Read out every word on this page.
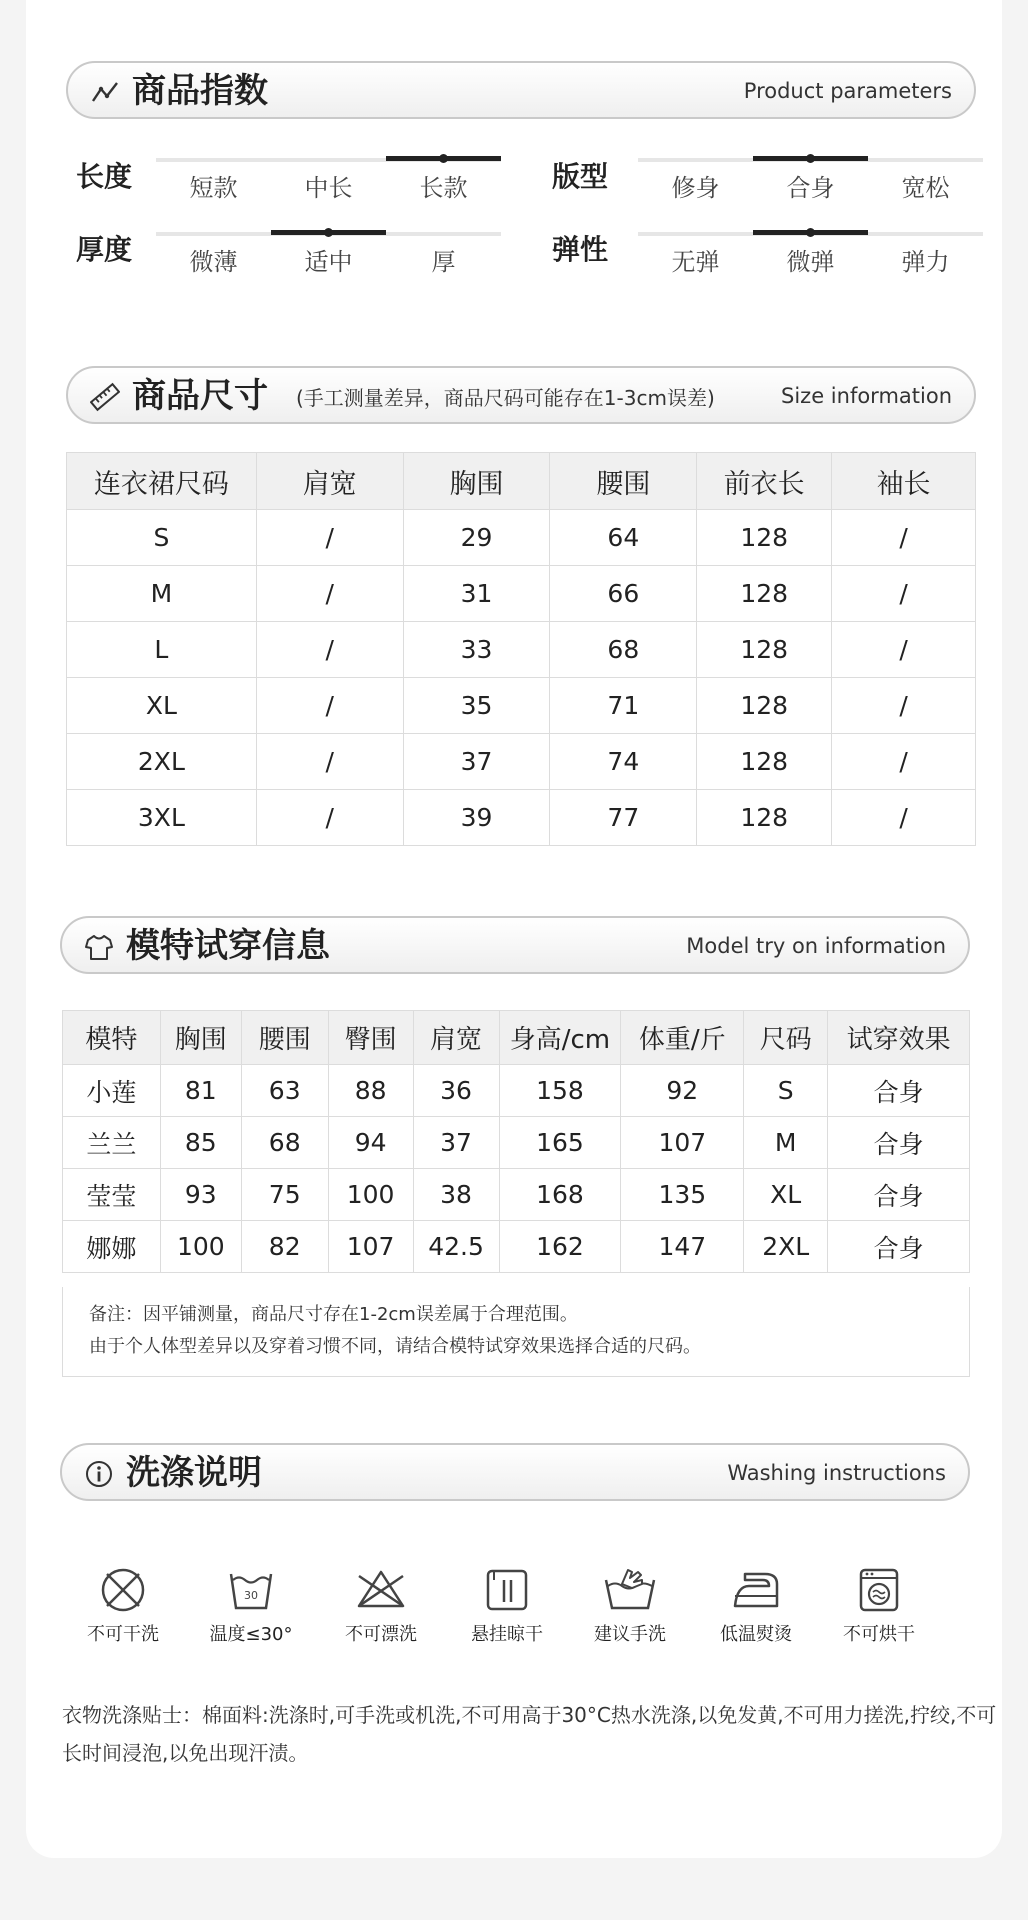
商品指数	Product parameters
长度	短款	中长	长款	版型	修身	合身	宽松
厚度	微薄	适中	厚	弹性	无弹	微弹	弹力
商品尺寸 (手工测量差异，商品尺码可能存在1-3cm误差)	Size information
连衣裙尺码	肩宽	胸围	腰围	前衣长	袖长
S	/	29	64	128	/
M	/	31	66	128	/
L	/	33	68	128	/
XL	/	35	71	128	/
2XL	/	37	74	128	/
3XL	/	39	77	128	/
模特试穿信息	Model try on information
模特	胸围	腰围	臀围	肩宽	身高/cm	体重/斤	尺码	试穿效果
小莲	81	63	88	36	158	92	S	合身
兰兰	85	68	94	37	165	107	M	合身
莹莹	93	75	100	38	168	135	XL	合身
娜娜	100	82	107	42.5	162	147	2XL	合身
备注：因平铺测量，商品尺寸存在1-2cm误差属于合理范围。
由于个人体型差异以及穿着习惯不同，请结合模特试穿效果选择合适的尺码。
洗涤说明	Washing instructions
不可干洗
30
温度≤30°	不可漂洗	悬挂晾干	建议手洗	低温熨烫	不可烘干
衣物洗涤贴士：棉面料:洗涤时,可手洗或机洗,不可用高于30°C热水洗涤,以免发黄,不可用力搓洗,拧绞,不可长时间浸泡,以免出现汗渍。
